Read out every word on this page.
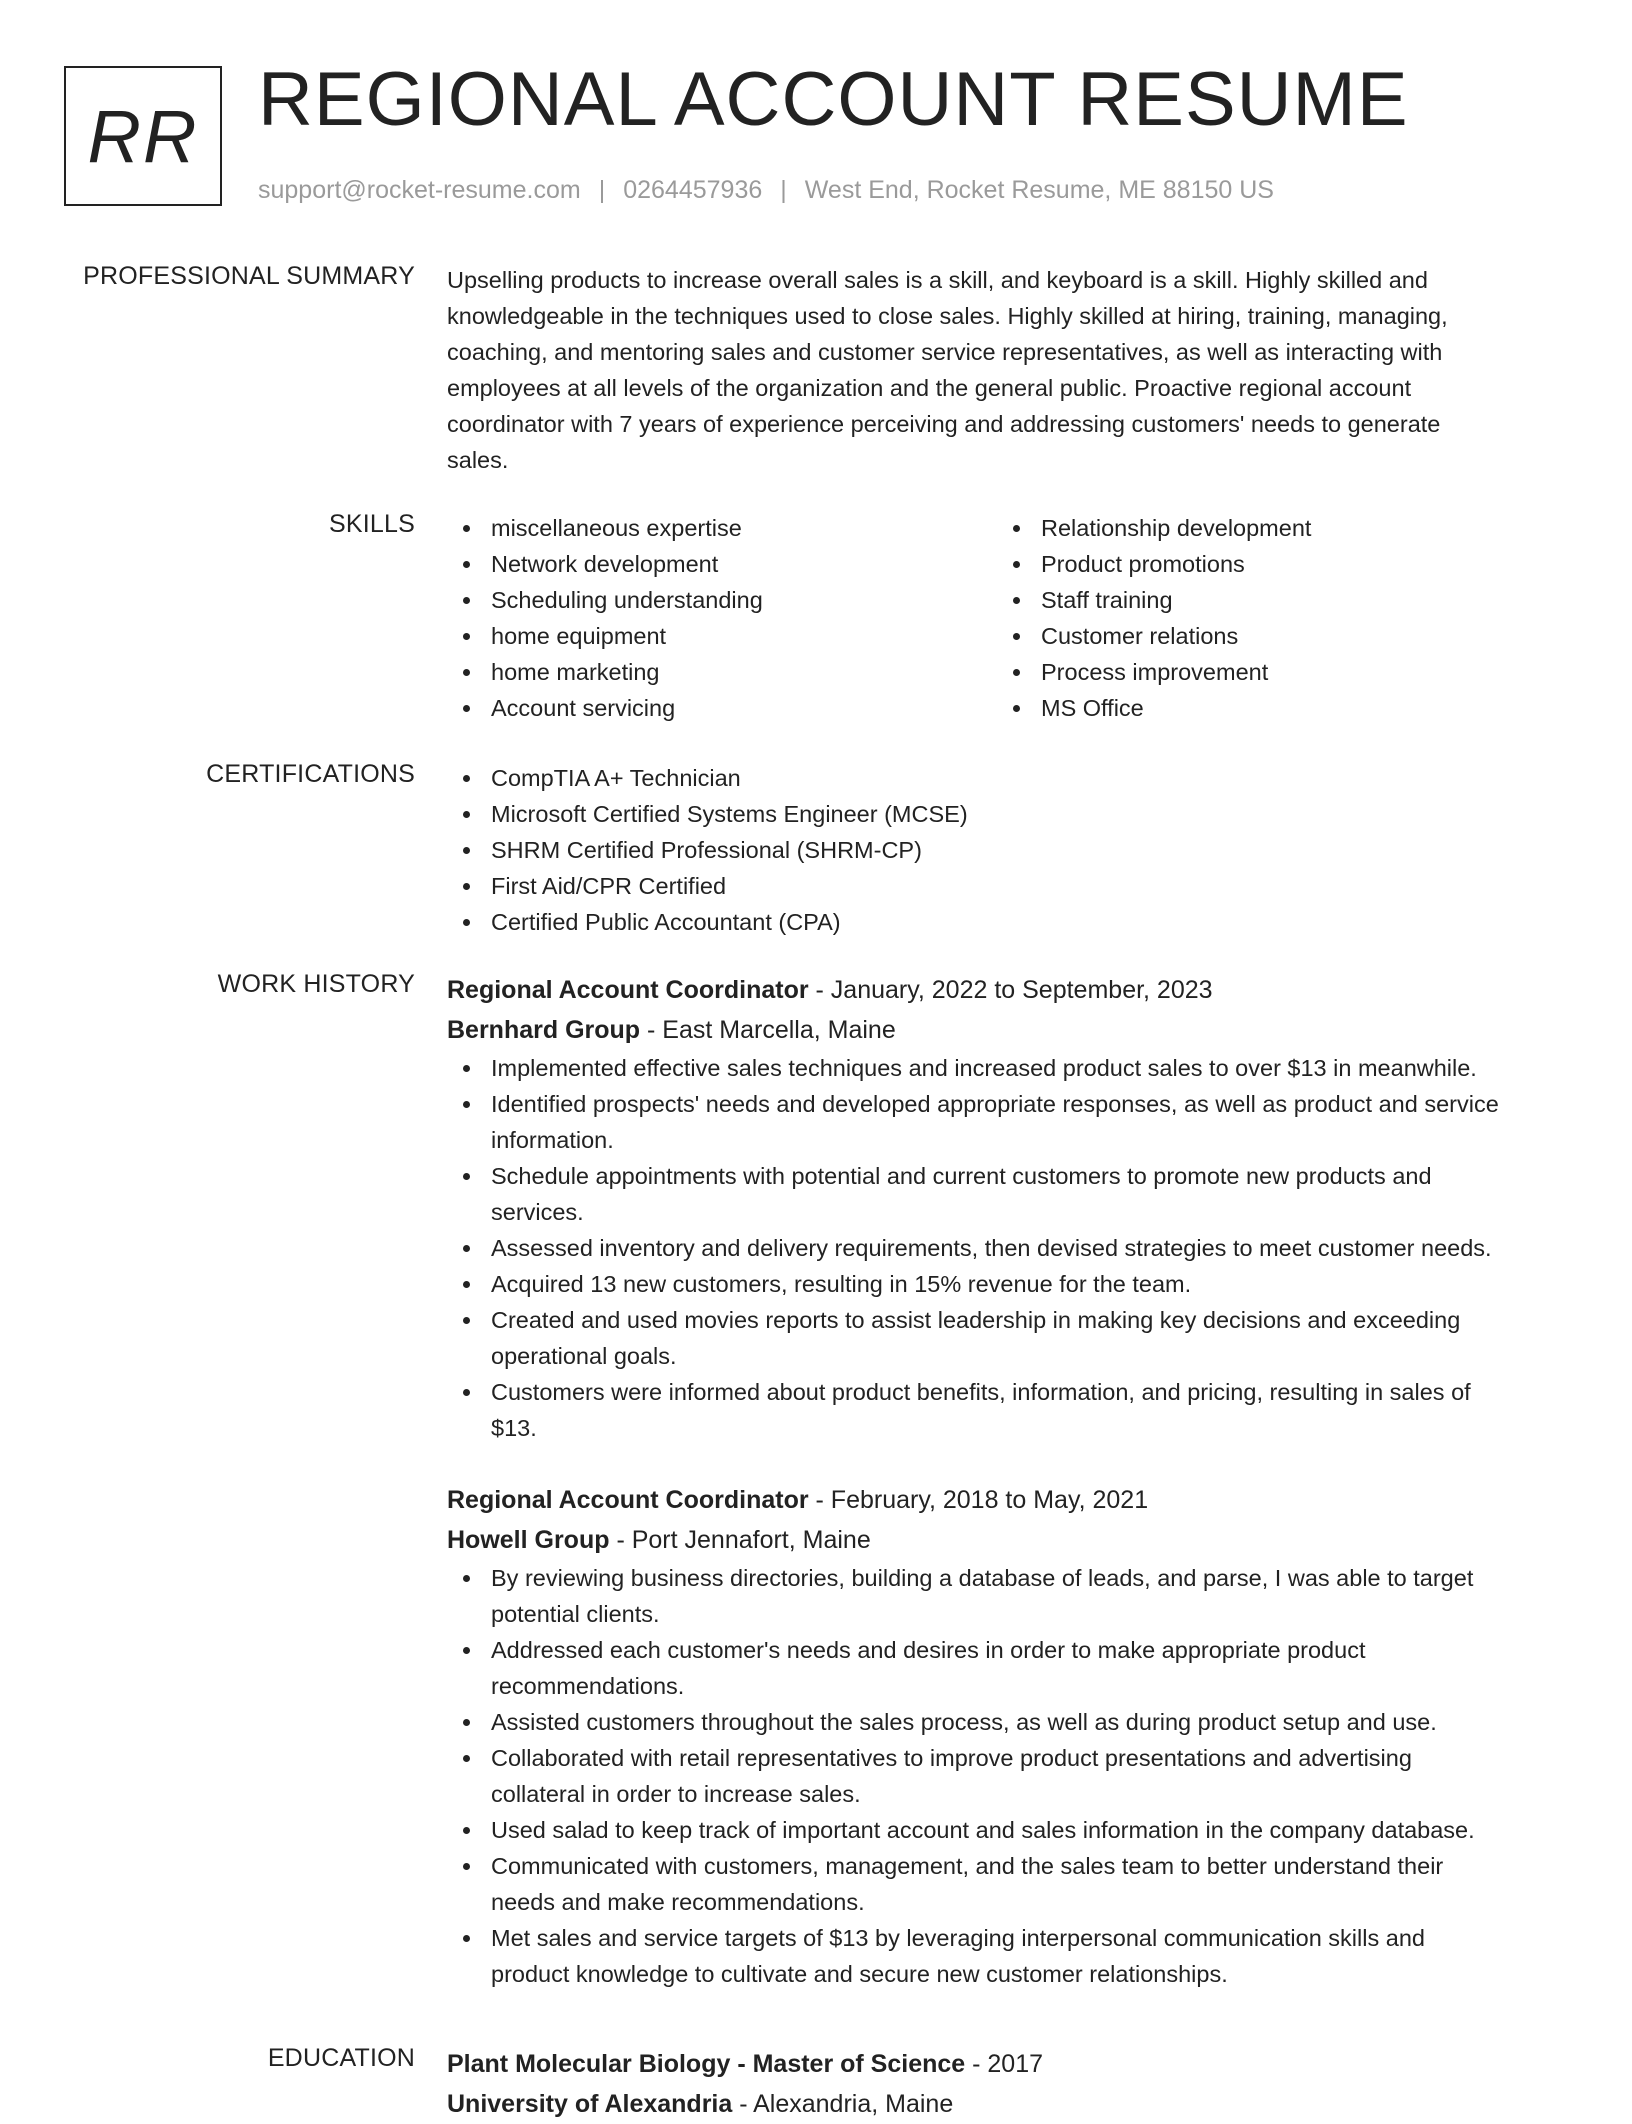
RR REGIONAL ACCOUNT RESUME
support@rocket-resume.com | 0264457936 | West End, Rocket Resume, ME 88150 US
PROFESSIONAL SUMMARY Upselling products to increase overall sales is a skill, and keyboard is a skill. Highly skilled and
knowledgeable in the techniques used to close sales. Highly skilled at hiring, training, managing,
coaching, and mentoring sales and customer service representatives, as well as interacting with
employees at all levels of the organization and the general public. Proactive regional account
coordinator with 7 years of experience perceiving and addressing customers' needs to generate
sales.
SKILLS	miscellaneous expertise
Network development
Scheduling understanding
home equipment
home marketing
Account servicing
Relationship development
Product promotions
Staff training
Customer relations
Process improvement
MS Office
CERTIFICATIONS	CompTIA A+ Technician
Microsoft Certified Systems Engineer (MCSE)
SHRM Certified Professional (SHRM-CP)
First Aid/CPR Certified
Certified Public Accountant (CPA)
WORK HISTORY Regional Account Coordinator - January, 2022 to September, 2023
Bernhard Group - East Marcella, Maine
Implemented effective sales techniques and increased product sales to over $13 in meanwhile.
Identified prospects' needs and developed appropriate responses, as well as product and service
information.
Schedule appointments with potential and current customers to promote new products and
services.
Assessed inventory and delivery requirements, then devised strategies to meet customer needs.
Acquired 13 new customers, resulting in 15% revenue for the team.
Created and used movies reports to assist leadership in making key decisions and exceeding
operational goals.
Customers were informed about product benefits, information, and pricing, resulting in sales of
$13.
Regional Account Coordinator - February, 2018 to May, 2021
Howell Group - Port Jennafort, Maine
By reviewing business directories, building a database of leads, and parse, I was able to target
potential clients.
Addressed each customer's needs and desires in order to make appropriate product
recommendations.
Assisted customers throughout the sales process, as well as during product setup and use.
Collaborated with retail representatives to improve product presentations and advertising
collateral in order to increase sales.
Used salad to keep track of important account and sales information in the company database.
Communicated with customers, management, and the sales team to better understand their
needs and make recommendations.
Met sales and service targets of $13 by leveraging interpersonal communication skills and
product knowledge to cultivate and secure new customer relationships.
EDUCATION Plant Molecular Biology - Master of Science - 2017
University of Alexandria - Alexandria, Maine
